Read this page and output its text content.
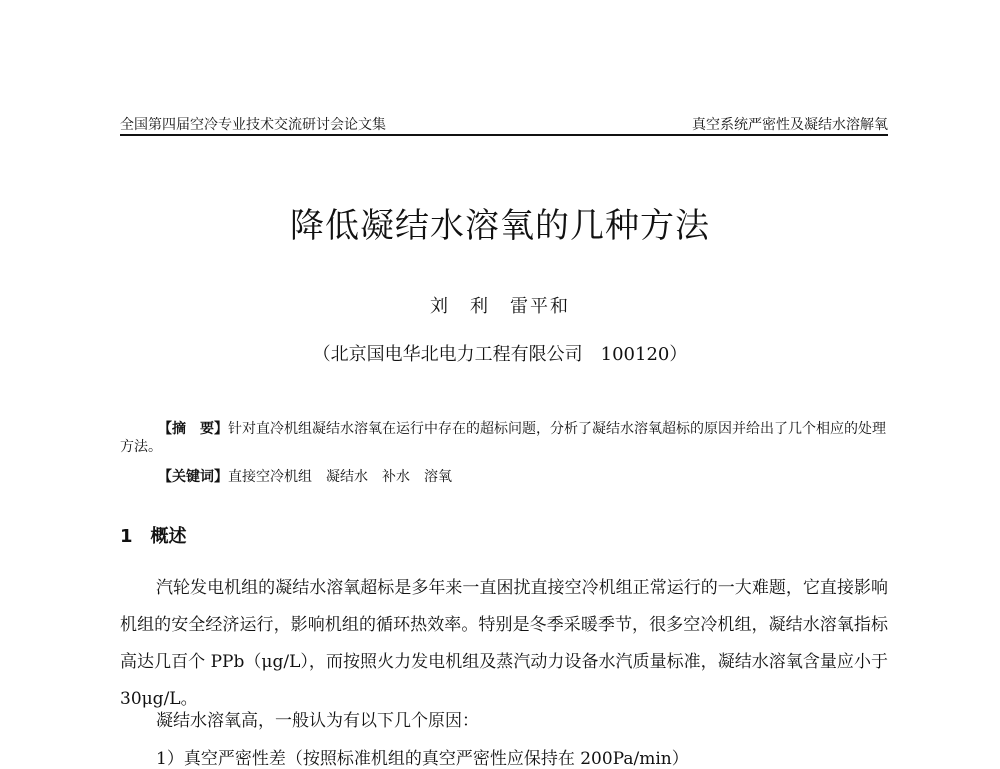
全国第四届空冷专业技术交流研讨会论文集	真空系统严密性及凝结水溶解氧
降低凝结水溶氧的几种方法
刘　利　雷平和
（北京国电华北电力工程有限公司　100120）
【摘　要】针对直冷机组凝结水溶氧在运行中存在的超标问题，分析了凝结水溶氧超标的原因并给出了几个相应的处理方法。
【关键词】直接空冷机组　凝结水　补水　溶氧
1 概述
汽轮发电机组的凝结水溶氧超标是多年来一直困扰直接空冷机组正常运行的一大难题，它直接影响机组的安全经济运行，影响机组的循环热效率。特别是冬季采暖季节，很多空冷机组，凝结水溶氧指标高达几百个 PPb（μg/L），而按照火力发电机组及蒸汽动力设备水汽质量标准，凝结水溶氧含量应小于 30μg/L。
凝结水溶氧高，一般认为有以下几个原因：
1）真空严密性差（按照标准机组的真空严密性应保持在 200Pa/min）
